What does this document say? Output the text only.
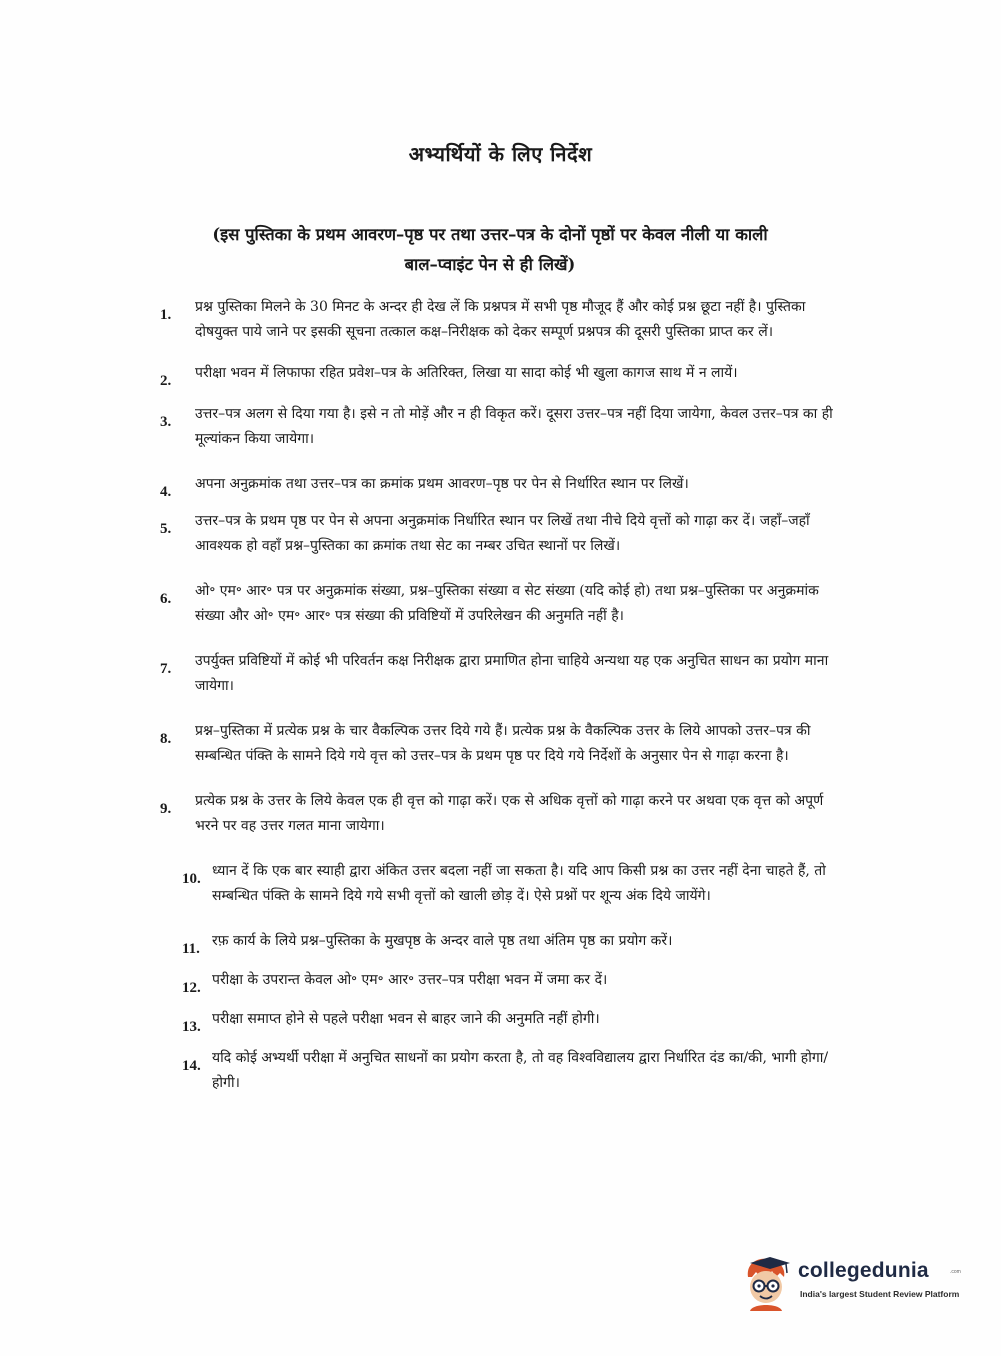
अभ्यर्थियों के लिए निर्देश
(इस पुस्तिका के प्रथम आवरण–पृष्ठ पर तथा उत्तर–पत्र के दोनों पृष्ठों पर केवल नीली या काली बाल–प्वाइंट पेन से ही लिखें)
1. प्रश्न पुस्तिका मिलने के 30 मिनट के अन्दर ही देख लें कि प्रश्नपत्र में सभी पृष्ठ मौजूद हैं और कोई प्रश्न छूटा नहीं है। पुस्तिका दोषयुक्त पाये जाने पर इसकी सूचना तत्काल कक्ष–निरीक्षक को देकर सम्पूर्ण प्रश्नपत्र की दूसरी पुस्तिका प्राप्त कर लें।
2. परीक्षा भवन में लिफाफा रहित प्रवेश–पत्र के अतिरिक्त, लिखा या सादा कोई भी खुला कागज साथ में न लायें।
3. उत्तर–पत्र अलग से दिया गया है। इसे न तो मोड़ें और न ही विकृत करें। दूसरा उत्तर–पत्र नहीं दिया जायेगा, केवल उत्तर–पत्र का ही मूल्यांकन किया जायेगा।
4. अपना अनुक्रमांक तथा उत्तर–पत्र का क्रमांक प्रथम आवरण–पृष्ठ पर पेन से निर्धारित स्थान पर लिखें।
5. उत्तर–पत्र के प्रथम पृष्ठ पर पेन से अपना अनुक्रमांक निर्धारित स्थान पर लिखें तथा नीचे दिये वृत्तों को गाढ़ा कर दें। जहाँ–जहाँ आवश्यक हो वहाँ प्रश्न–पुस्तिका का क्रमांक तथा सेट का नम्बर उचित स्थानों पर लिखें।
6. ओ॰ एम॰ आर॰ पत्र पर अनुक्रमांक संख्या, प्रश्न–पुस्तिका संख्या व सेट संख्या (यदि कोई हो) तथा प्रश्न–पुस्तिका पर अनुक्रमांक संख्या और ओ॰ एम॰ आर॰ पत्र संख्या की प्रविष्टियों में उपरिलेखन की अनुमति नहीं है।
7. उपर्युक्त प्रविष्टियों में कोई भी परिवर्तन कक्ष निरीक्षक द्वारा प्रमाणित होना चाहिये अन्यथा यह एक अनुचित साधन का प्रयोग माना जायेगा।
8. प्रश्न–पुस्तिका में प्रत्येक प्रश्न के चार वैकल्पिक उत्तर दिये गये हैं। प्रत्येक प्रश्न के वैकल्पिक उत्तर के लिये आपको उत्तर–पत्र की सम्बन्धित पंक्ति के सामने दिये गये वृत्त को उत्तर–पत्र के प्रथम पृष्ठ पर दिये गये निर्देशों के अनुसार पेन से गाढ़ा करना है।
9. प्रत्येक प्रश्न के उत्तर के लिये केवल एक ही वृत्त को गाढ़ा करें। एक से अधिक वृत्तों को गाढ़ा करने पर अथवा एक वृत्त को अपूर्ण भरने पर वह उत्तर गलत माना जायेगा।
10. ध्यान दें कि एक बार स्याही द्वारा अंकित उत्तर बदला नहीं जा सकता है। यदि आप किसी प्रश्न का उत्तर नहीं देना चाहते हैं, तो सम्बन्धित पंक्ति के सामने दिये गये सभी वृत्तों को खाली छोड़ दें। ऐसे प्रश्नों पर शून्य अंक दिये जायेंगे।
11. रफ़ कार्य के लिये प्रश्न–पुस्तिका के मुखपृष्ठ के अन्दर वाले पृष्ठ तथा अंतिम पृष्ठ का प्रयोग करें।
12. परीक्षा के उपरान्त केवल ओ॰ एम॰ आर॰ उत्तर–पत्र परीक्षा भवन में जमा कर दें।
13. परीक्षा समाप्त होने से पहले परीक्षा भवन से बाहर जाने की अनुमति नहीं होगी।
14. यदि कोई अभ्यर्थी परीक्षा में अनुचित साधनों का प्रयोग करता है, तो वह विश्वविद्यालय द्वारा निर्धारित दंड का/की, भागी होगा/होगी।
collegedunia	.com
India's largest Student Review Platform
